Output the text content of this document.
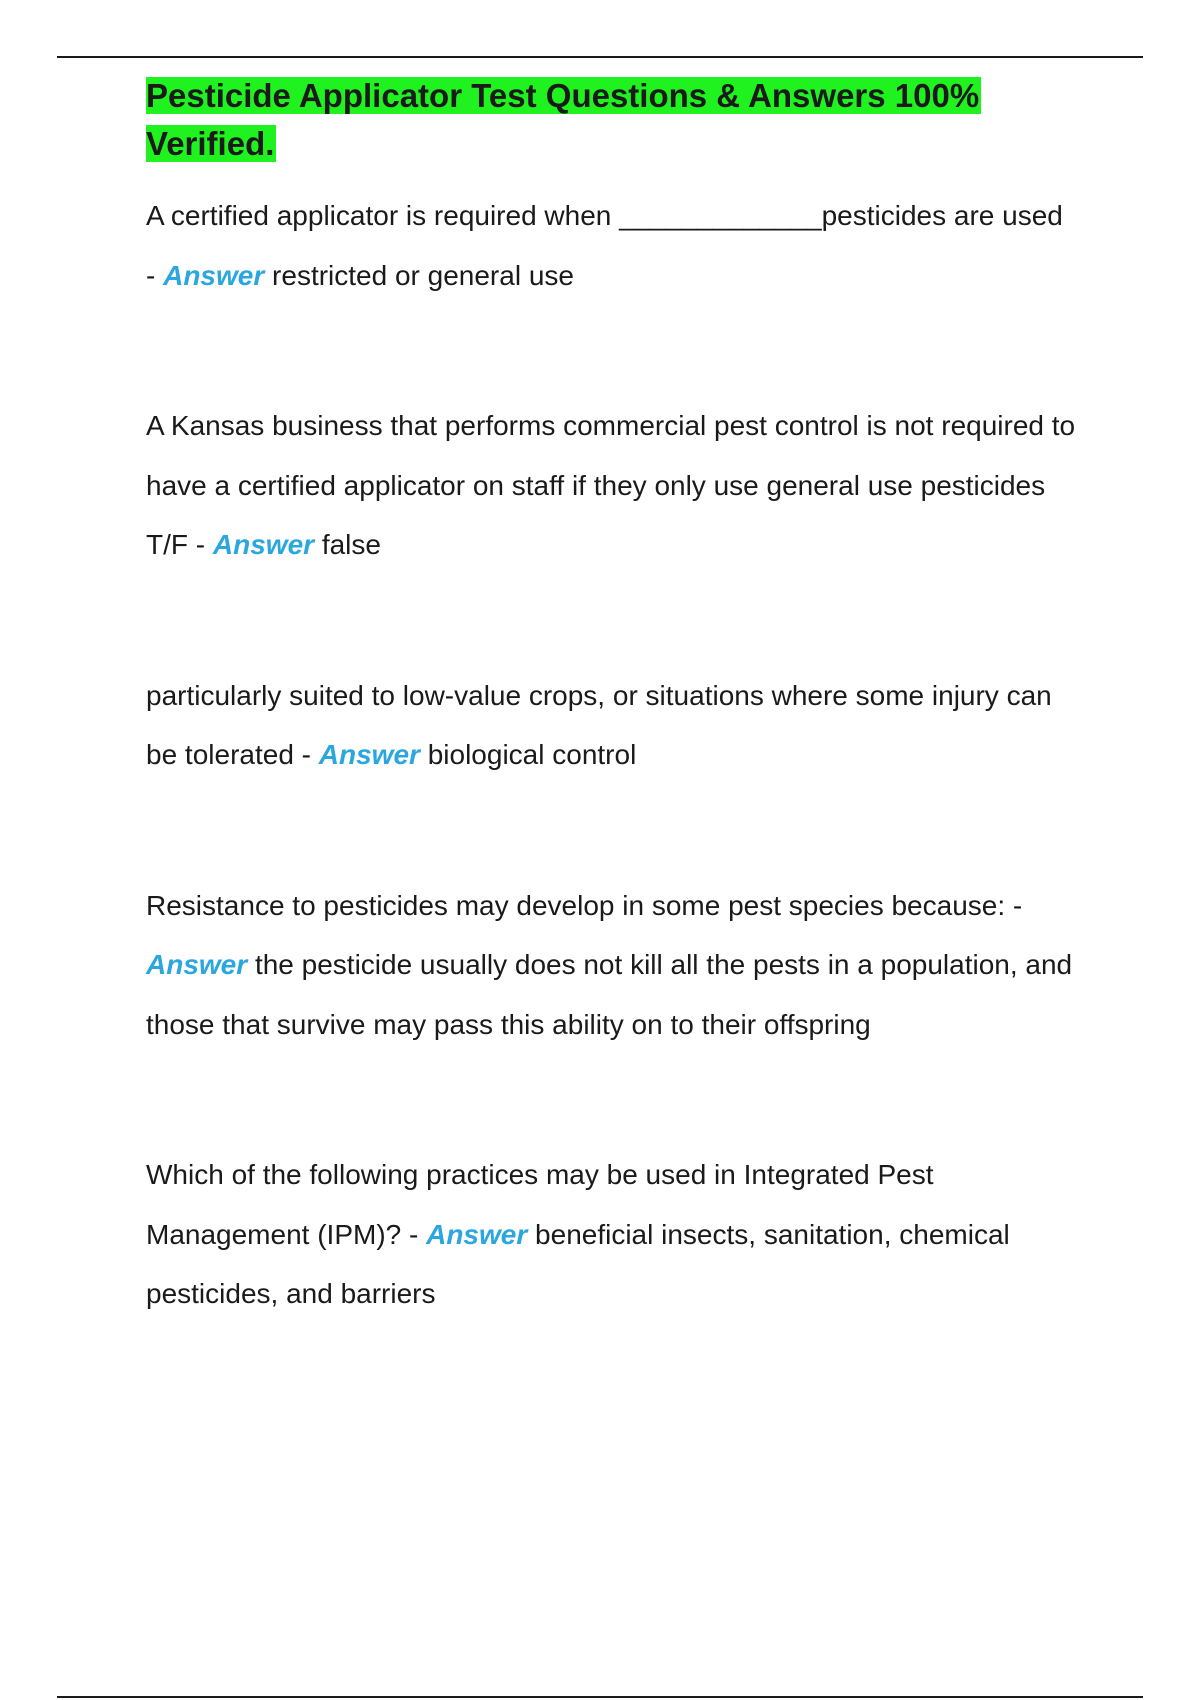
Pesticide Applicator Test Questions & Answers 100% Verified.

A certified applicator is required when _____________pesticides are used - Answer restricted or general use

A Kansas business that performs commercial pest control is not required to have a certified applicator on staff if they only use general use pesticides T/F - Answer false

particularly suited to low-value crops, or situations where some injury can be tolerated - Answer biological control

Resistance to pesticides may develop in some pest species because: - Answer the pesticide usually does not kill all the pests in a population, and those that survive may pass this ability on to their offspring

Which of the following practices may be used in Integrated Pest Management (IPM)? - Answer beneficial insects, sanitation, chemical pesticides, and barriers
